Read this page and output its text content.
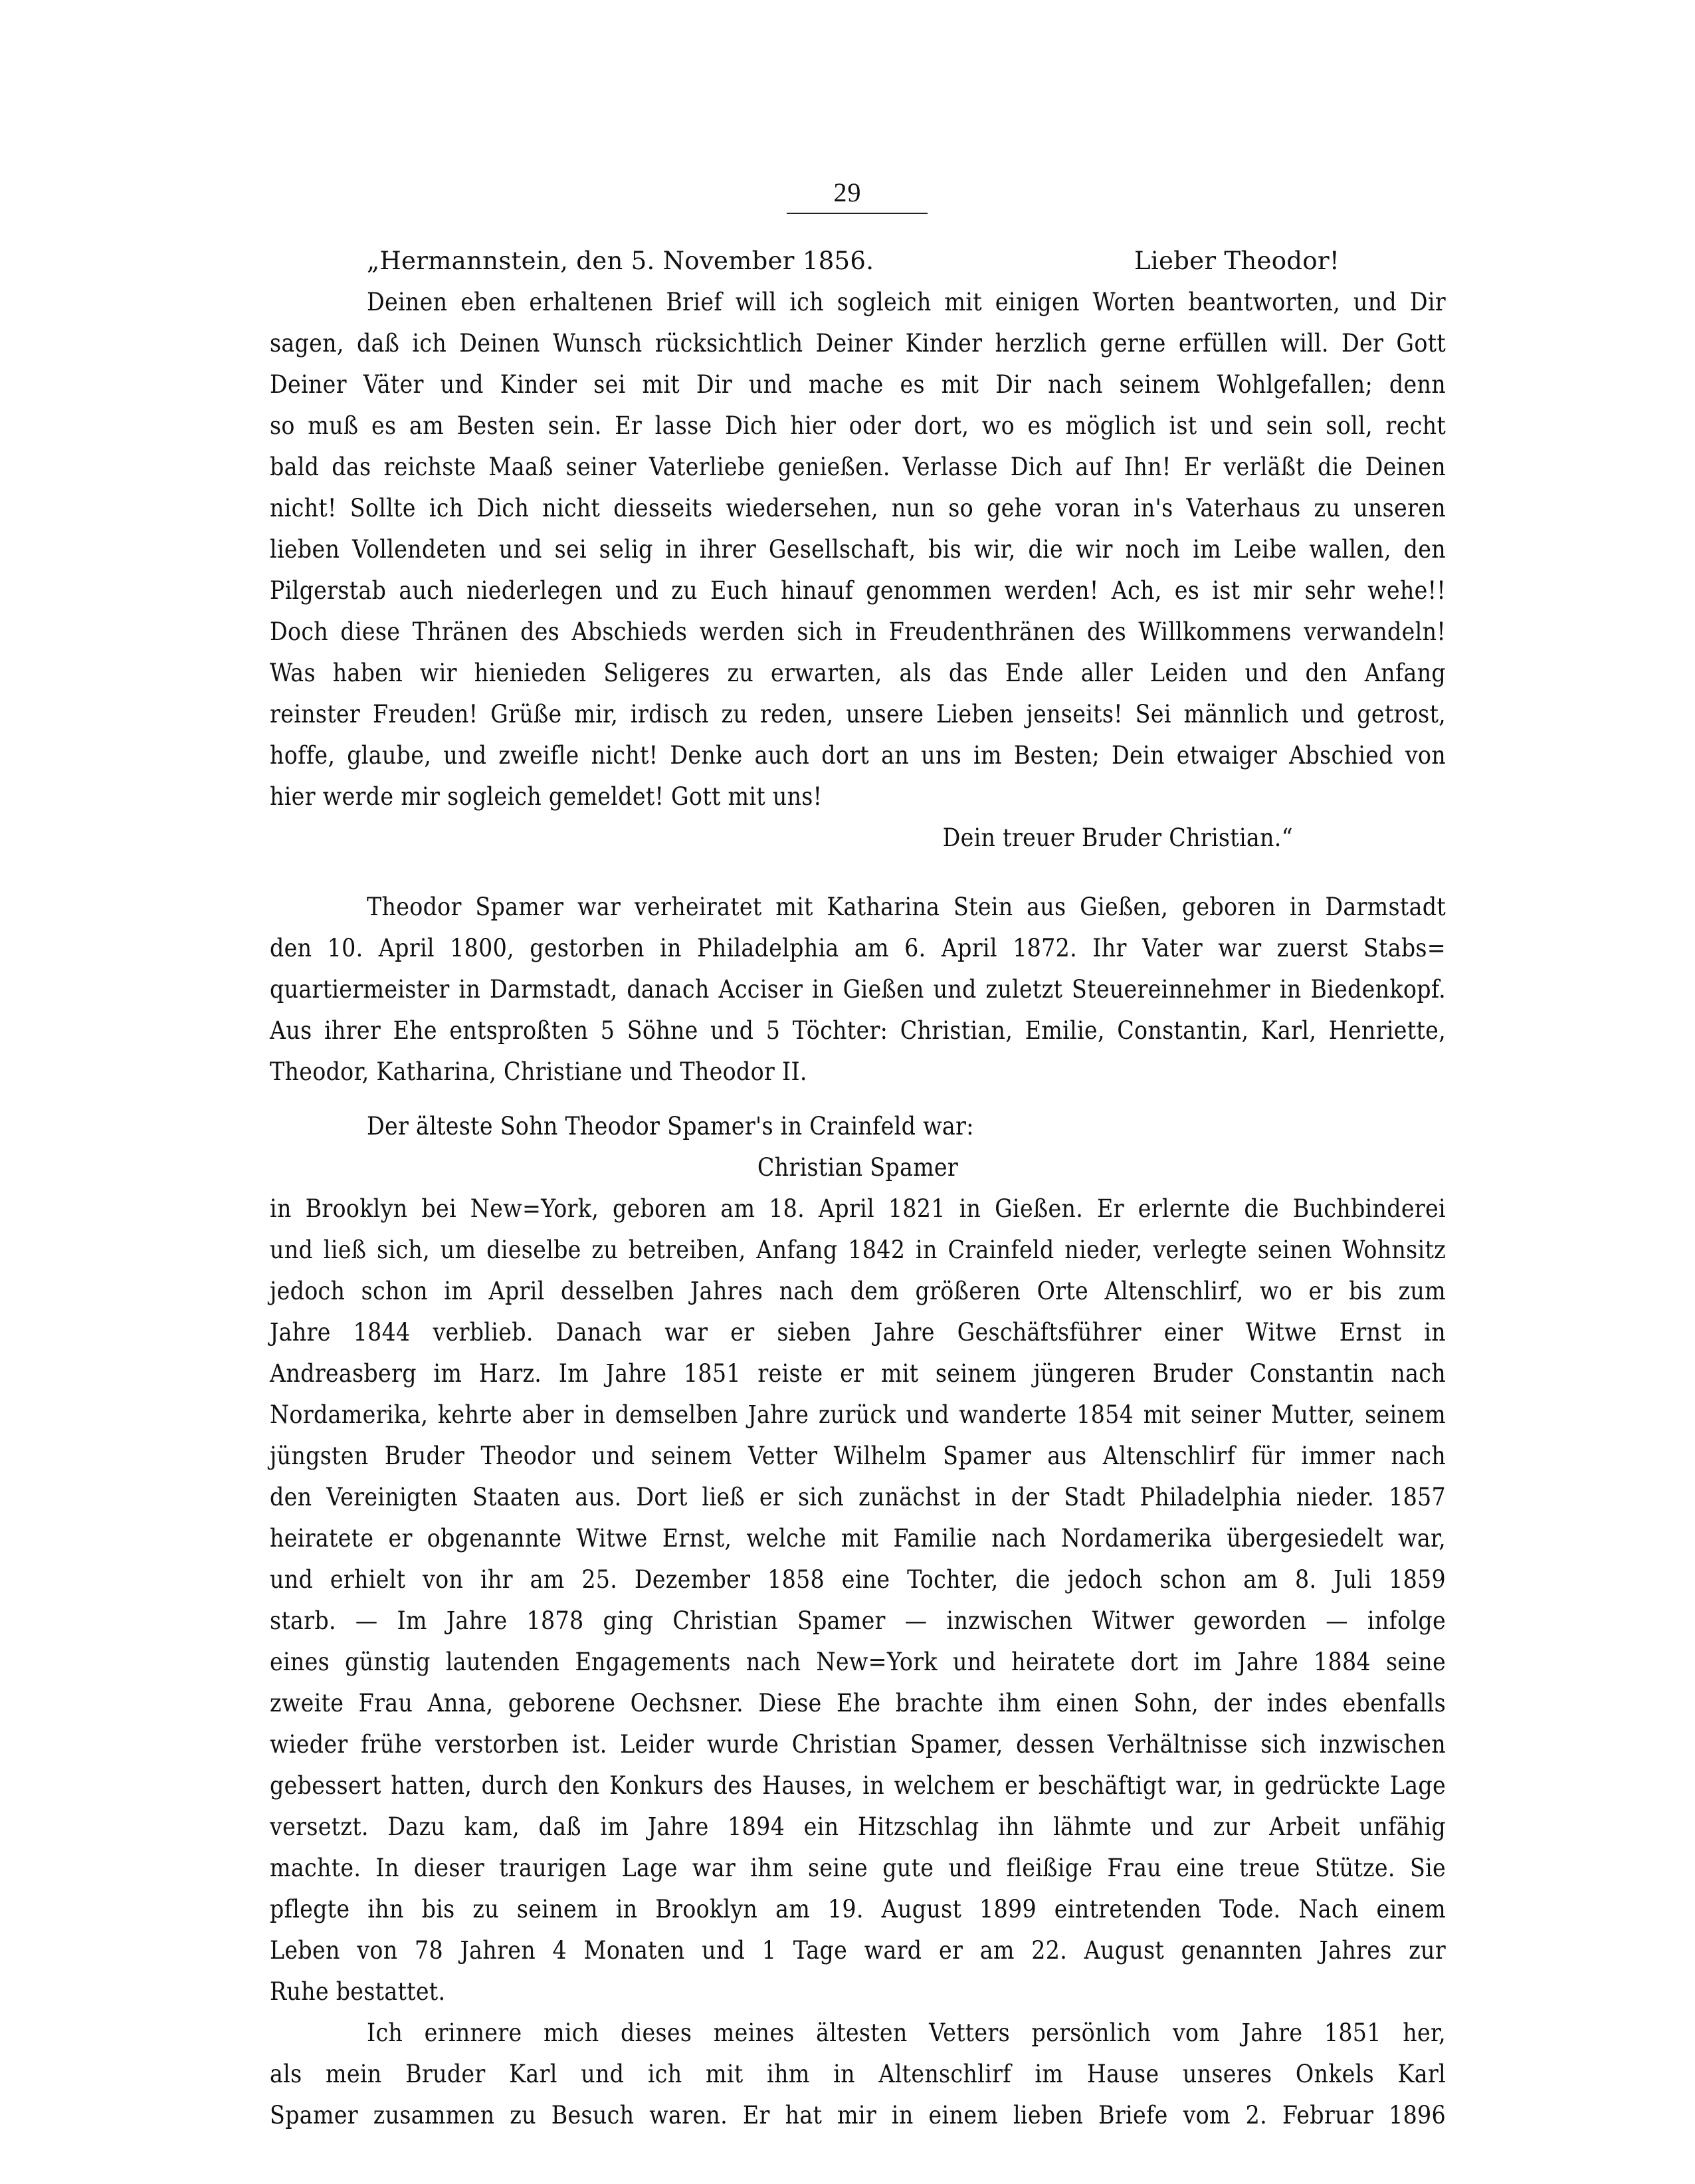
29
„Hermannstein, den 5. November 1856.	Lieber Theodor!
Deinen eben erhaltenen Brief will ich sogleich mit einigen Worten beantworten, und Dir
sagen, daß ich Deinen Wunsch rücksichtlich Deiner Kinder herzlich gerne erfüllen will. Der Gott
Deiner Väter und Kinder sei mit Dir und mache es mit Dir nach seinem Wohlgefallen; denn
so muß es am Besten sein. Er lasse Dich hier oder dort, wo es möglich ist und sein soll, recht
bald das reichste Maaß seiner Vaterliebe genießen. Verlasse Dich auf Ihn! Er verläßt die Deinen
nicht! Sollte ich Dich nicht diesseits wiedersehen, nun so gehe voran in's Vaterhaus zu unseren
lieben Vollendeten und sei selig in ihrer Gesellschaft, bis wir, die wir noch im Leibe wallen, den
Pilgerstab auch niederlegen und zu Euch hinauf genommen werden! Ach, es ist mir sehr wehe!!
Doch diese Thränen des Abschieds werden sich in Freudenthränen des Willkommens verwandeln!
Was haben wir hienieden Seligeres zu erwarten, als das Ende aller Leiden und den Anfang
reinster Freuden! Grüße mir, irdisch zu reden, unsere Lieben jenseits! Sei männlich und getrost,
hoffe, glaube, und zweifle nicht! Denke auch dort an uns im Besten; Dein etwaiger Abschied von
hier werde mir sogleich gemeldet! Gott mit uns!
Dein treuer Bruder Christian.“
Theodor Spamer war verheiratet mit Katharina Stein aus Gießen, geboren in Darmstadt
den 10. April 1800, gestorben in Philadelphia am 6. April 1872. Ihr Vater war zuerst Stabs=
quartiermeister in Darmstadt, danach Acciser in Gießen und zuletzt Steuereinnehmer in Biedenkopf.
Aus ihrer Ehe entsproßten 5 Söhne und 5 Töchter: Christian, Emilie, Constantin, Karl, Henriette,
Theodor, Katharina, Christiane und Theodor II.
Der älteste Sohn Theodor Spamer's in Crainfeld war:
Christian Spamer
in Brooklyn bei New=York, geboren am 18. April 1821 in Gießen. Er erlernte die Buchbinderei
und ließ sich, um dieselbe zu betreiben, Anfang 1842 in Crainfeld nieder, verlegte seinen Wohnsitz
jedoch schon im April desselben Jahres nach dem größeren Orte Altenschlirf, wo er bis zum
Jahre 1844 verblieb. Danach war er sieben Jahre Geschäftsführer einer Witwe Ernst in
Andreasberg im Harz. Im Jahre 1851 reiste er mit seinem jüngeren Bruder Constantin nach
Nordamerika, kehrte aber in demselben Jahre zurück und wanderte 1854 mit seiner Mutter, seinem
jüngsten Bruder Theodor und seinem Vetter Wilhelm Spamer aus Altenschlirf für immer nach
den Vereinigten Staaten aus. Dort ließ er sich zunächst in der Stadt Philadelphia nieder. 1857
heiratete er obgenannte Witwe Ernst, welche mit Familie nach Nordamerika übergesiedelt war,
und erhielt von ihr am 25. Dezember 1858 eine Tochter, die jedoch schon am 8. Juli 1859
starb. — Im Jahre 1878 ging Christian Spamer — inzwischen Witwer geworden — infolge
eines günstig lautenden Engagements nach New=York und heiratete dort im Jahre 1884 seine
zweite Frau Anna, geborene Oechsner. Diese Ehe brachte ihm einen Sohn, der indes ebenfalls
wieder frühe verstorben ist. Leider wurde Christian Spamer, dessen Verhältnisse sich inzwischen
gebessert hatten, durch den Konkurs des Hauses, in welchem er beschäftigt war, in gedrückte Lage
versetzt. Dazu kam, daß im Jahre 1894 ein Hitzschlag ihn lähmte und zur Arbeit unfähig
machte. In dieser traurigen Lage war ihm seine gute und fleißige Frau eine treue Stütze. Sie
pflegte ihn bis zu seinem in Brooklyn am 19. August 1899 eintretenden Tode. Nach einem
Leben von 78 Jahren 4 Monaten und 1 Tage ward er am 22. August genannten Jahres zur
Ruhe bestattet.
Ich erinnere mich dieses meines ältesten Vetters persönlich vom Jahre 1851 her,
als mein Bruder Karl und ich mit ihm in Altenschlirf im Hause unseres Onkels Karl
Spamer zusammen zu Besuch waren. Er hat mir in einem lieben Briefe vom 2. Februar 1896
